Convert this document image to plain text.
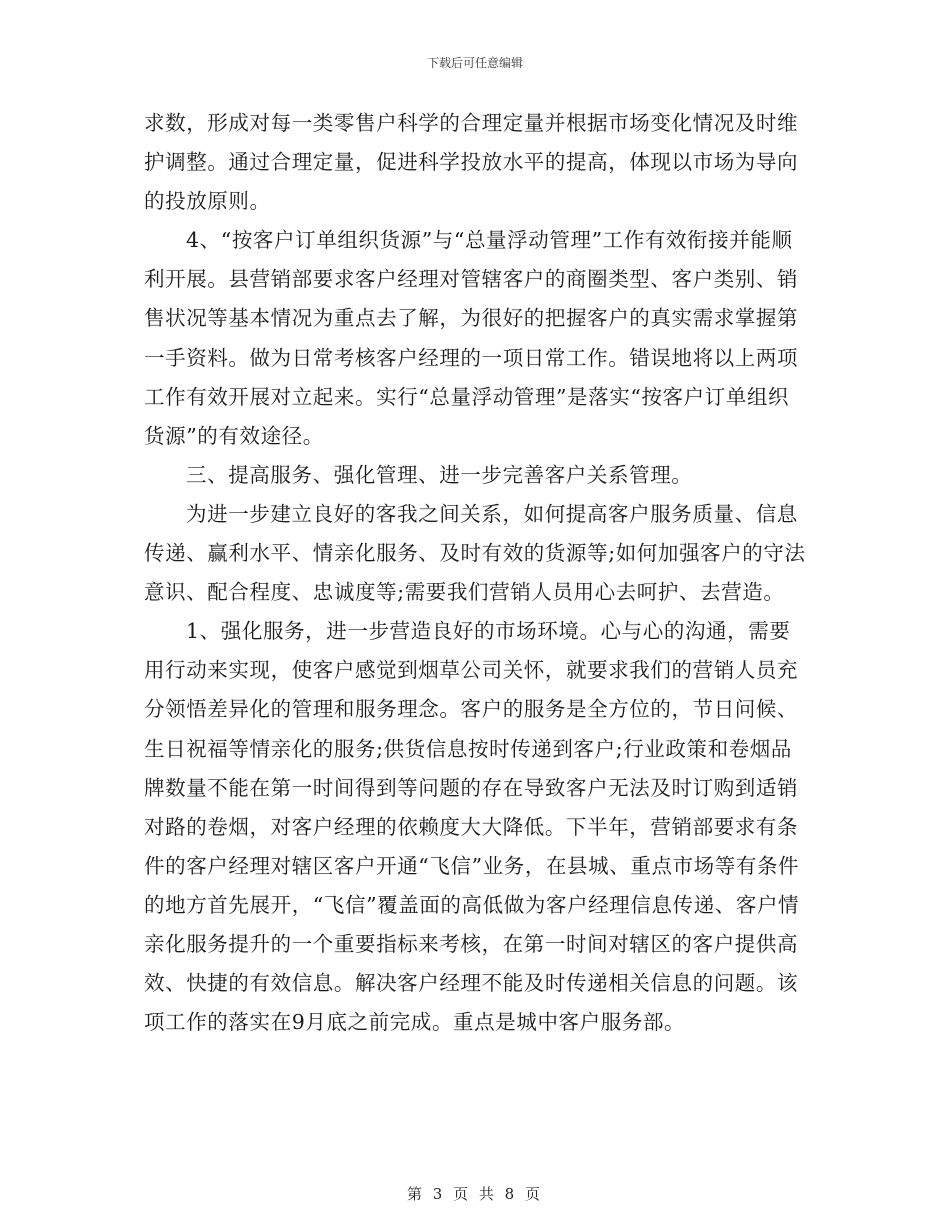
下载后可任意编辑

求数，形成对每一类零售户科学的合理定量并根据市场变化情况及时维护调整。通过合理定量，促进科学投放水平的提高，体现以市场为导向的投放原则。

4、“按客户订单组织货源”与“总量浮动管理”工作有效衔接并能顺利开展。县营销部要求客户经理对管辖客户的商圈类型、客户类别、销售状况等基本情况为重点去了解，为很好的把握客户的真实需求掌握第一手资料。做为日常考核客户经理的一项日常工作。错误地将以上两项工作有效开展对立起来。实行“总量浮动管理”是落实“按客户订单组织货源”的有效途径。

三、提高服务、强化管理、进一步完善客户关系管理。

为进一步建立良好的客我之间关系，如何提高客户服务质量、信息传递、赢利水平、情亲化服务、及时有效的货源等;如何加强客户的守法意识、配合程度、忠诚度等;需要我们营销人员用心去呵护、去营造。

1、强化服务，进一步营造良好的市场环境。心与心的沟通，需要用行动来实现，使客户感觉到烟草公司关怀，就要求我们的营销人员充分领悟差异化的管理和服务理念。客户的服务是全方位的，节日问候、生日祝福等情亲化的服务;供货信息按时传递到客户;行业政策和卷烟品牌数量不能在第一时间得到等问题的存在导致客户无法及时订购到适销对路的卷烟，对客户经理的依赖度大大降低。下半年，营销部要求有条件的客户经理对辖区客户开通“飞信”业务，在县城、重点市场等有条件的地方首先展开，“飞信”覆盖面的高低做为客户经理信息传递、客户情亲化服务提升的一个重要指标来考核，在第一时间对辖区的客户提供高效、快捷的有效信息。解决客户经理不能及时传递相关信息的问题。该项工作的落实在9月底之前完成。重点是城中客户服务部。

第 3 页 共 8 页
